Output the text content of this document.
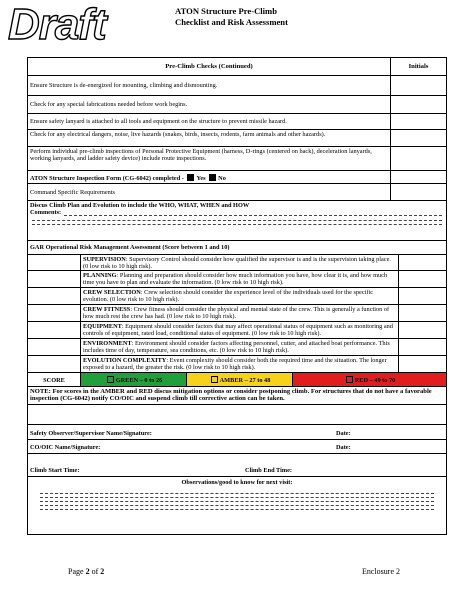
Draft	ATON Structure Pre-Climb
Checklist and Risk Assessment
Pre-Climb Checks (Continued)	Initials
Ensure Structure is de-energized for mounting, climbing and dismounting.
Check for any special fabrications needed before work begins.
Ensure safety lanyard is attached to all tools and equipment on the structure to prevent missile hazard.
Check for any electrical dangers, noise, live hazards (snakes, birds, insects, rodents, farm animals and other hazards).
Perform individual pre-climb inspections of Personal Protective Equipment (harness, D-rings (centered on back), deceleration lanyards, working lanyards, and ladder safety device) include route inspections.
ATON Structure Inspection Form (CG-6042) completed - Yes No
Command Specific Requirements
Discus Climb Plan and Evolution to include the WHO, WHAT, WHEN and HOW
Comments:
GAR Operational Risk Management Assessment (Score between 1 and 10)
SUPERVISION: Supervisory Control should consider how qualified the supervisor is and is the supervision taking place. (0 low risk to 10 high risk).
PLANNING: Planning and preparation should consider how much information you have, how clear it is, and how much time you have to plan and evaluate the information. (0 low risk to 10 high risk).
CREW SELECTION: Crew selection should consider the experience level of the individuals used for the specific evolution. (0 low risk to 10 high risk).
CREW FITNESS: Crew fitness should consider the physical and mental state of the crew. This is generally a function of how much rest the crew has had. (0 low risk to 10 high risk).
EQUIPMENT: Equipment should consider factors that may affect operational status of equipment such as monitoring and controls of equipment, rated load, conditional status of equipment. (0 low risk to 10 high risk).
ENVIRONMENT: Environment should consider factors affecting personnel, cutter, and attached boat performance. This includes time of day, temperature, sea conditions, etc. (0 low risk to 10 high risk).
EVOLUTION COMPLEXITY: Event complexity should consider both the required time and the situation. The longer exposed to a hazard, the greater the risk. (0 low risk to 10 high risk).
SCORE	GREEN – 0 to 26	AMBER – 27 to 48	RED – 49 to 70
NOTE: For scores in the AMBER and RED discus mitigation options or consider postponing climb. For structures that do not have a favorable inspection (CG-6042) notify CO/OIC and suspend climb till corrective action can be taken.
Safety Observer/Supervisor Name/Signature:	Date:
CO/OIC Name/Signature:	Date:
Climb Start Time:	Climb End Time:
Observations/good to know for next visit:
Page 2 of 2	Enclosure 2
